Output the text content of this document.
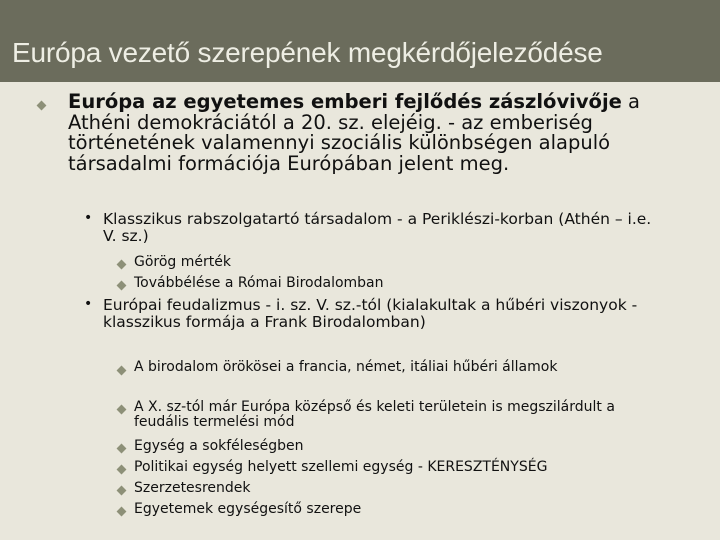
Európa vezető szerepének megkérdőjeleződése
Európa az egyetemes emberi fejlődés zászlóvivője a Athéni demokráciától a 20. sz. elejéig. - az emberiség történetének valamennyi szociális különbségen alapuló társadalmi formációja Európában jelent meg.
• Klasszikus rabszolgatartó társadalom - a Periklészi-korban (Athén – i.e. V. sz.)
Görög mérték
Továbbélése a Római Birodalomban
• Európai feudalizmus - i. sz. V. sz.-tól (kialakultak a hűbéri viszonyok - klasszikus formája a Frank Birodalomban)
A birodalom örökösei a francia, német, itáliai hűbéri államok
A X. sz-tól már Európa középső és keleti területein is megszilárdult a feudális termelési mód
Egység a sokféleségben
Politikai egység helyett szellemi egység - KERESZTÉNYSÉG
Szerzetesrendek
Egyetemek egységesítő szerepe
